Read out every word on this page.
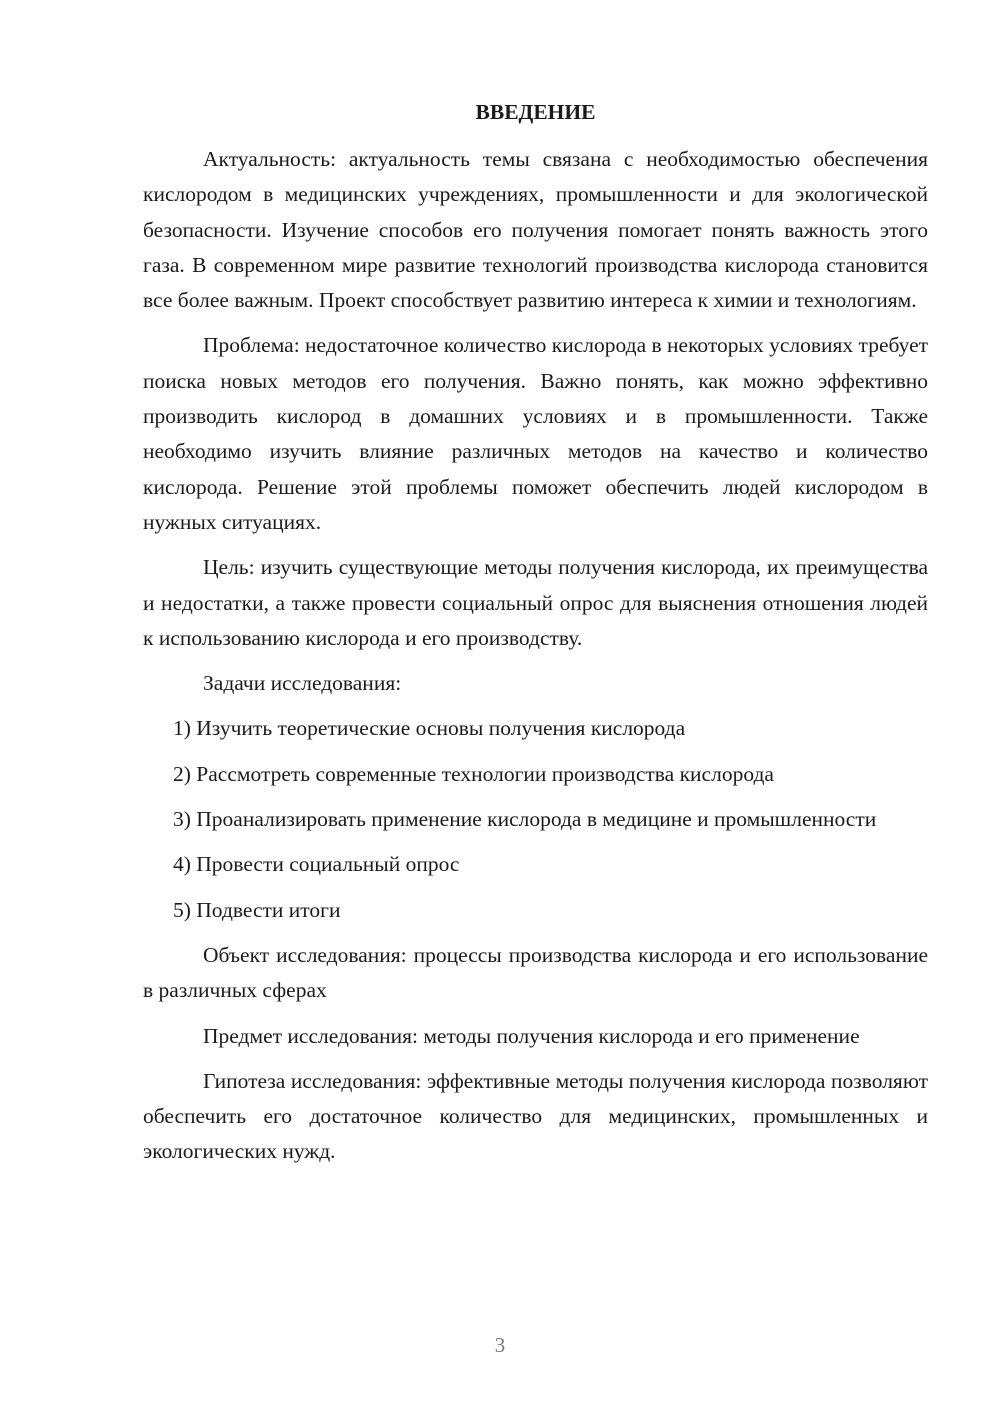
ВВЕДЕНИЕ

Актуальность: актуальность темы связана с необходимостью обеспечения кислородом в медицинских учреждениях, промышленности и для экологической безопасности. Изучение способов его получения помогает понять важность этого газа. В современном мире развитие технологий производства кислорода становится все более важным. Проект способствует развитию интереса к химии и технологиям.

Проблема: недостаточное количество кислорода в некоторых условиях требует поиска новых методов его получения. Важно понять, как можно эффективно производить кислород в домашних условиях и в промышленности. Также необходимо изучить влияние различных методов на качество и количество кислорода. Решение этой проблемы поможет обеспечить людей кислородом в нужных ситуациях.

Цель: изучить существующие методы получения кислорода, их преимущества и недостатки, а также провести социальный опрос для выяснения отношения людей к использованию кислорода и его производству.

Задачи исследования:

1) Изучить теоретические основы получения кислорода

2) Рассмотреть современные технологии производства кислорода

3) Проанализировать применение кислорода в медицине и промышленности

4) Провести социальный опрос

5) Подвести итоги

Объект исследования: процессы производства кислорода и его использование в различных сферах

Предмет исследования: методы получения кислорода и его применение

Гипотеза исследования: эффективные методы получения кислорода позволяют обеспечить его достаточное количество для медицинских, промышленных и экологических нужд.

3
